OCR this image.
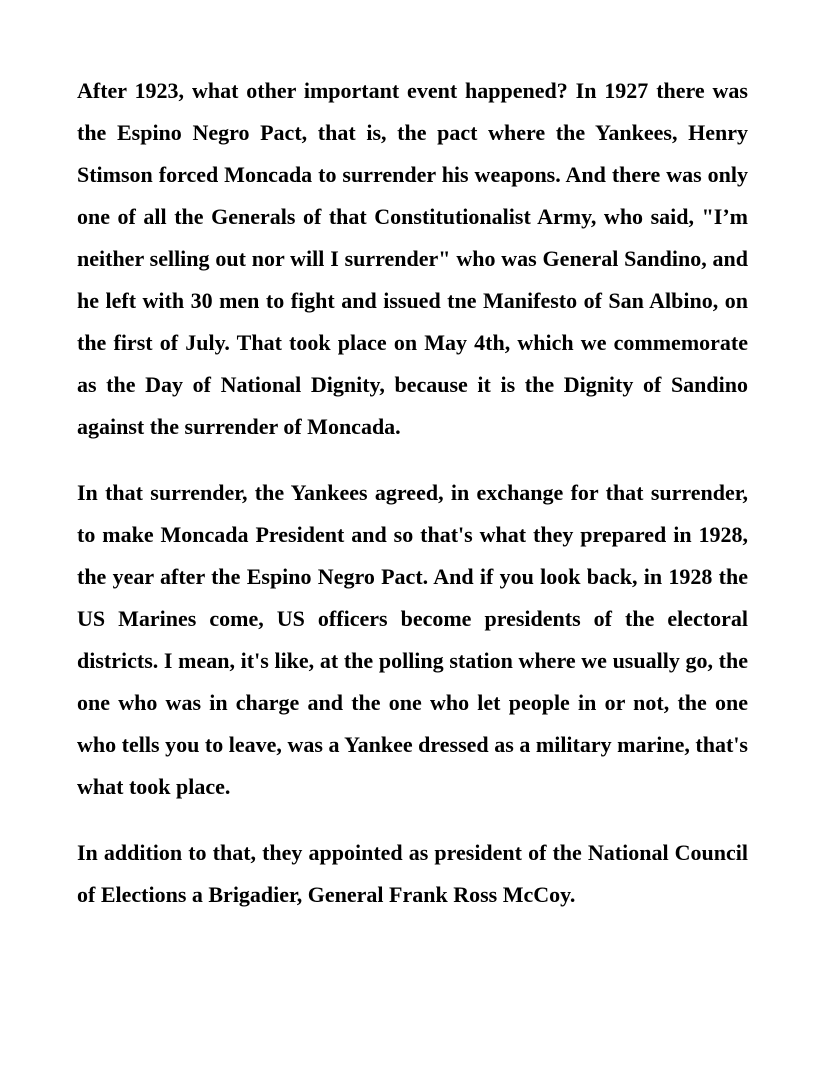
After 1923, what other important event happened? In 1927 there was the Espino Negro Pact, that is, the pact where the Yankees, Henry Stimson forced Moncada to surrender his weapons. And there was only one of all the Generals of that Constitutionalist Army, who said, "I’m neither selling out nor will I surrender" who was General Sandino, and he left with 30 men to fight and issued tne Manifesto of San Albino, on the first of July. That took place on May 4th, which we commemorate as the Day of National Dignity, because it is the Dignity of Sandino against the surrender of Moncada.

In that surrender, the Yankees agreed, in exchange for that surrender, to make Moncada President and so that's what they prepared in 1928, the year after the Espino Negro Pact. And if you look back, in 1928 the US Marines come, US officers become presidents of the electoral districts. I mean, it's like, at the polling station where we usually go, the one who was in charge and the one who let people in or not, the one who tells you to leave, was a Yankee dressed as a military marine, that's what took place.

In addition to that, they appointed as president of the National Council of Elections a Brigadier, General Frank Ross McCoy.
